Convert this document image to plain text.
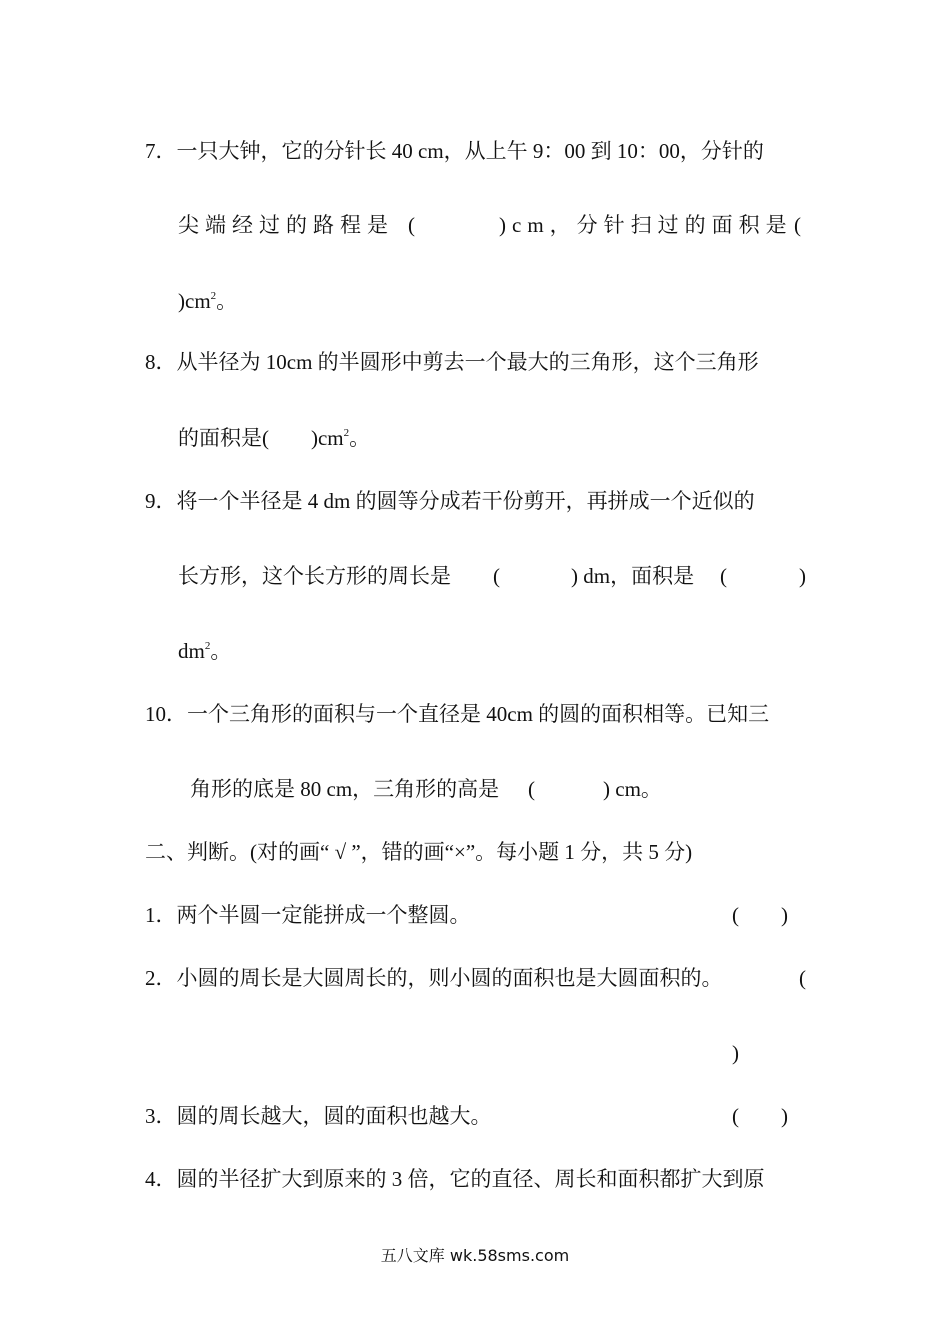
7．一只大钟，它的分针长 40 cm，从上午 9：00 到 10：00，分针的
尖端经过的路程是 (	)cm，分针扫过的面积是 (
)$cm^2$。
8．从半径为 10cm 的半圆形中剪去一个最大的三角形，这个三角形
的面积是(　　)$cm^2$。
9．将一个半径是 4 dm 的圆等分成若干份剪开，再拼成一个近似的
长方形，这个长方形的周长是 (	) dm，面积是 (	)
$dm^2$。
10．一个三角形的面积与一个直径是 40cm 的圆的面积相等。已知三
角形的底是 80 cm，三角形的高是 (	) cm。
二、判断。(对的画“ √ ”，错的画“×”。每小题 1 分，共 5 分)
1．两个半圆一定能拼成一个整圆。	(　　)
2．小圆的周长是大圆周长的，则小圆的面积也是大圆面积的。	(
)
3．圆的周长越大，圆的面积也越大。	(　　)
4．圆的半径扩大到原来的 3 倍，它的直径、周长和面积都扩大到原
五八文库 wk.58sms.com
